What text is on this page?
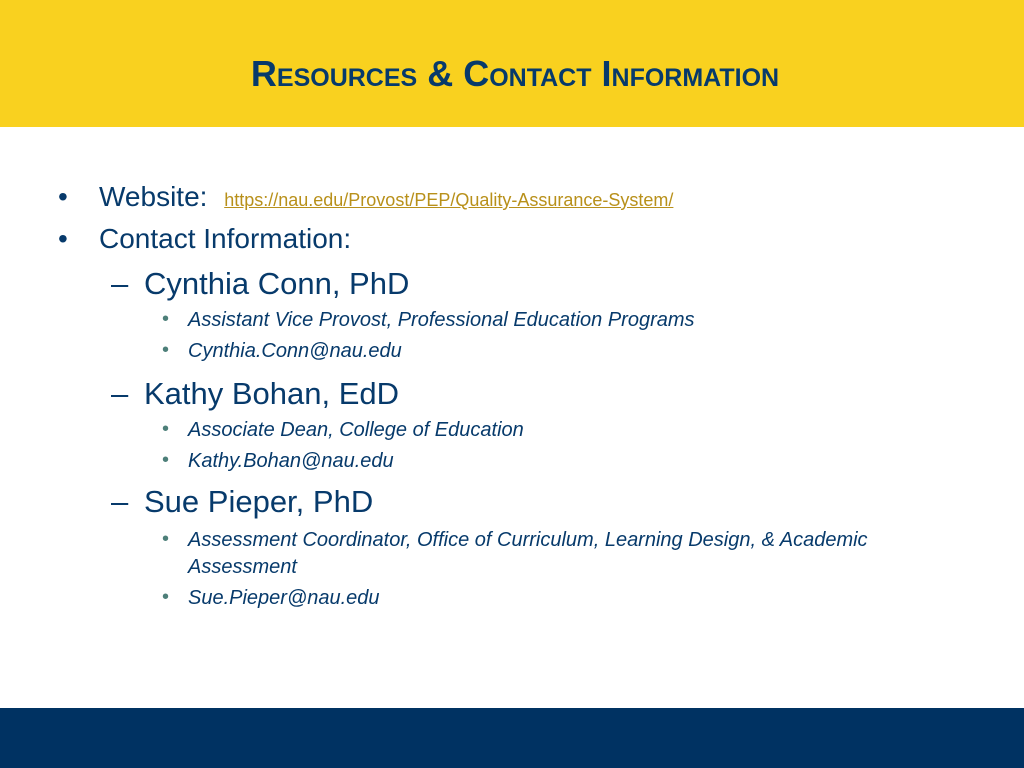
Resources & Contact Information
• Website: https://nau.edu/Provost/PEP/Quality-Assurance-System/
• Contact Information:
– Cynthia Conn, PhD
• Assistant Vice Provost, Professional Education Programs
• Cynthia.Conn@nau.edu
– Kathy Bohan, EdD
• Associate Dean, College of Education
• Kathy.Bohan@nau.edu
– Sue Pieper, PhD
• Assessment Coordinator, Office of Curriculum, Learning Design, & Academic
Assessment
• Sue.Pieper@nau.edu
